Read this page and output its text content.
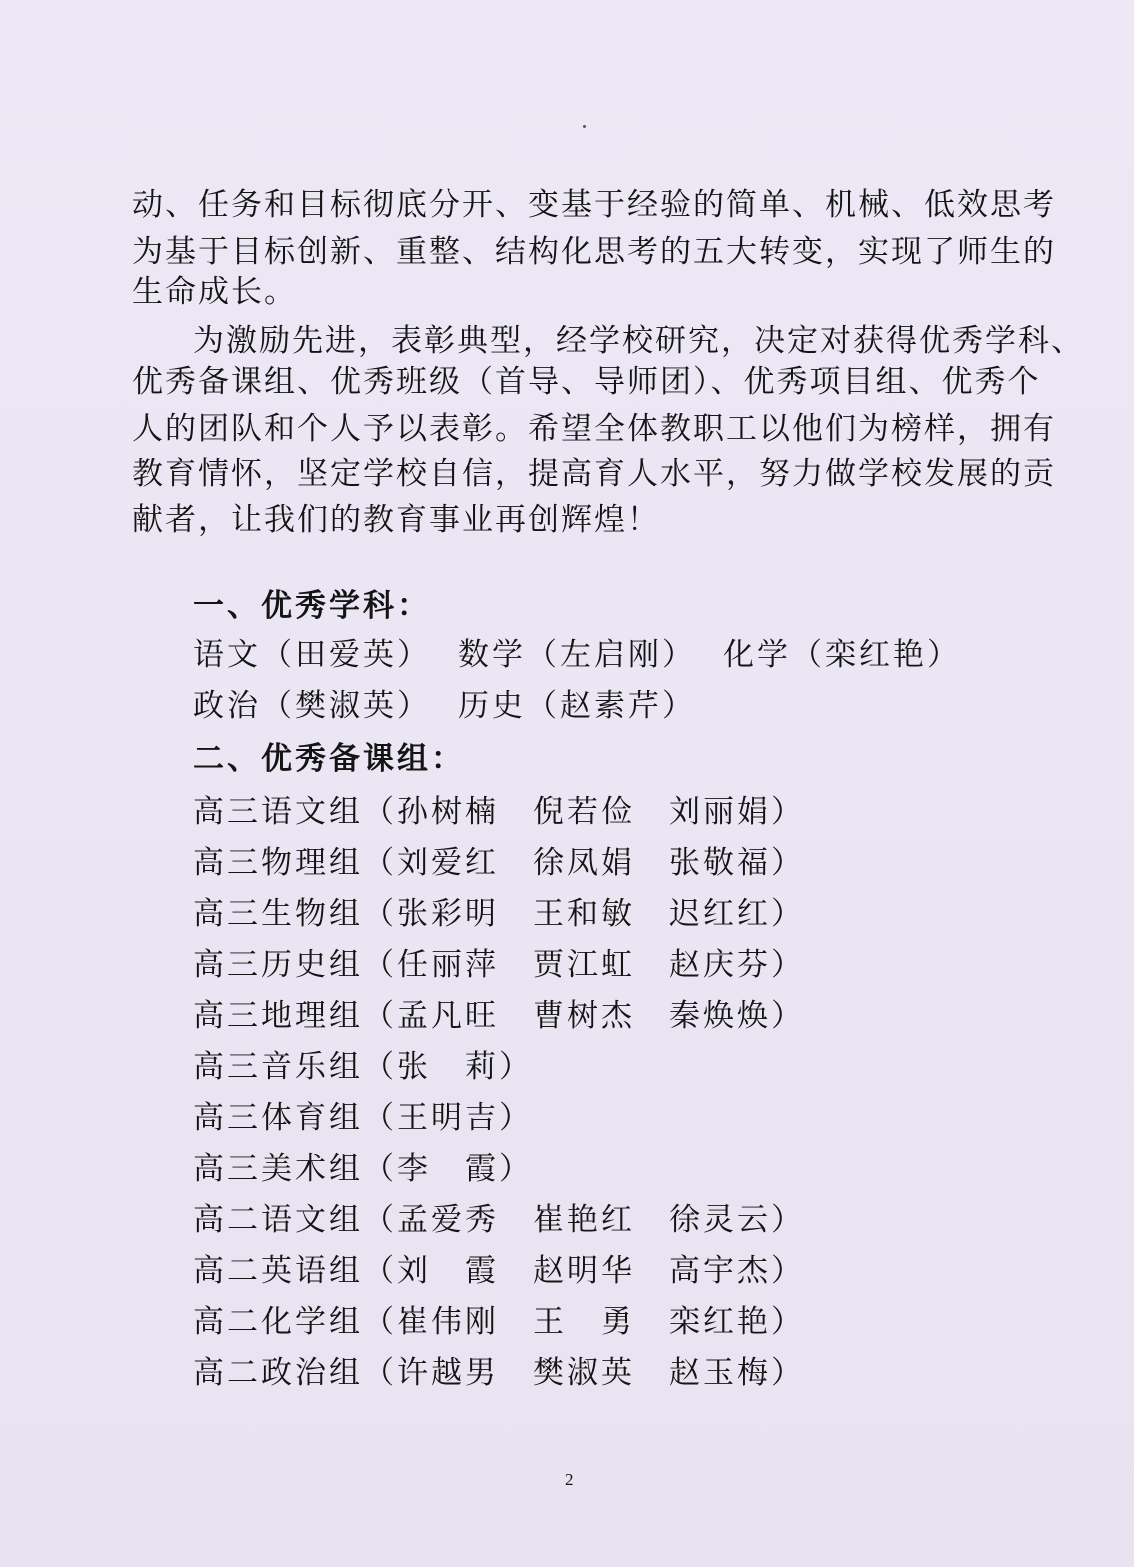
动、任务和目标彻底分开、变基于经验的简单、机械、低效思考
为基于目标创新、重整、结构化思考的五大转变，实现了师生的
生命成长。
为激励先进，表彰典型，经学校研究，决定对获得优秀学科、
优秀备课组、优秀班级（首导、导师团）、优秀项目组、优秀个
人的团队和个人予以表彰。希望全体教职工以他们为榜样，拥有
教育情怀，坚定学校自信，提高育人水平，努力做学校发展的贡
献者，让我们的教育事业再创辉煌！
一、优秀学科：
语文（田爱英） 数学（左启刚） 化学（栾红艳）
政治（樊淑英） 历史（赵素芹）
二、优秀备课组：
高三语文组（孙树楠　倪若俭　刘丽娟）
高三物理组（刘爱红　徐凤娟　张敬福）
高三生物组（张彩明　王和敏　迟红红）
高三历史组（任丽萍　贾江虹　赵庆芬）
高三地理组（孟凡旺　曹树杰　秦焕焕）
高三音乐组（张　莉）
高三体育组（王明吉）
高三美术组（李　霞）
高二语文组（孟爱秀　崔艳红　徐灵云）
高二英语组（刘　霞　赵明华　高宇杰）
高二化学组（崔伟刚　王　勇　栾红艳）
高二政治组（许越男　樊淑英　赵玉梅）
2
